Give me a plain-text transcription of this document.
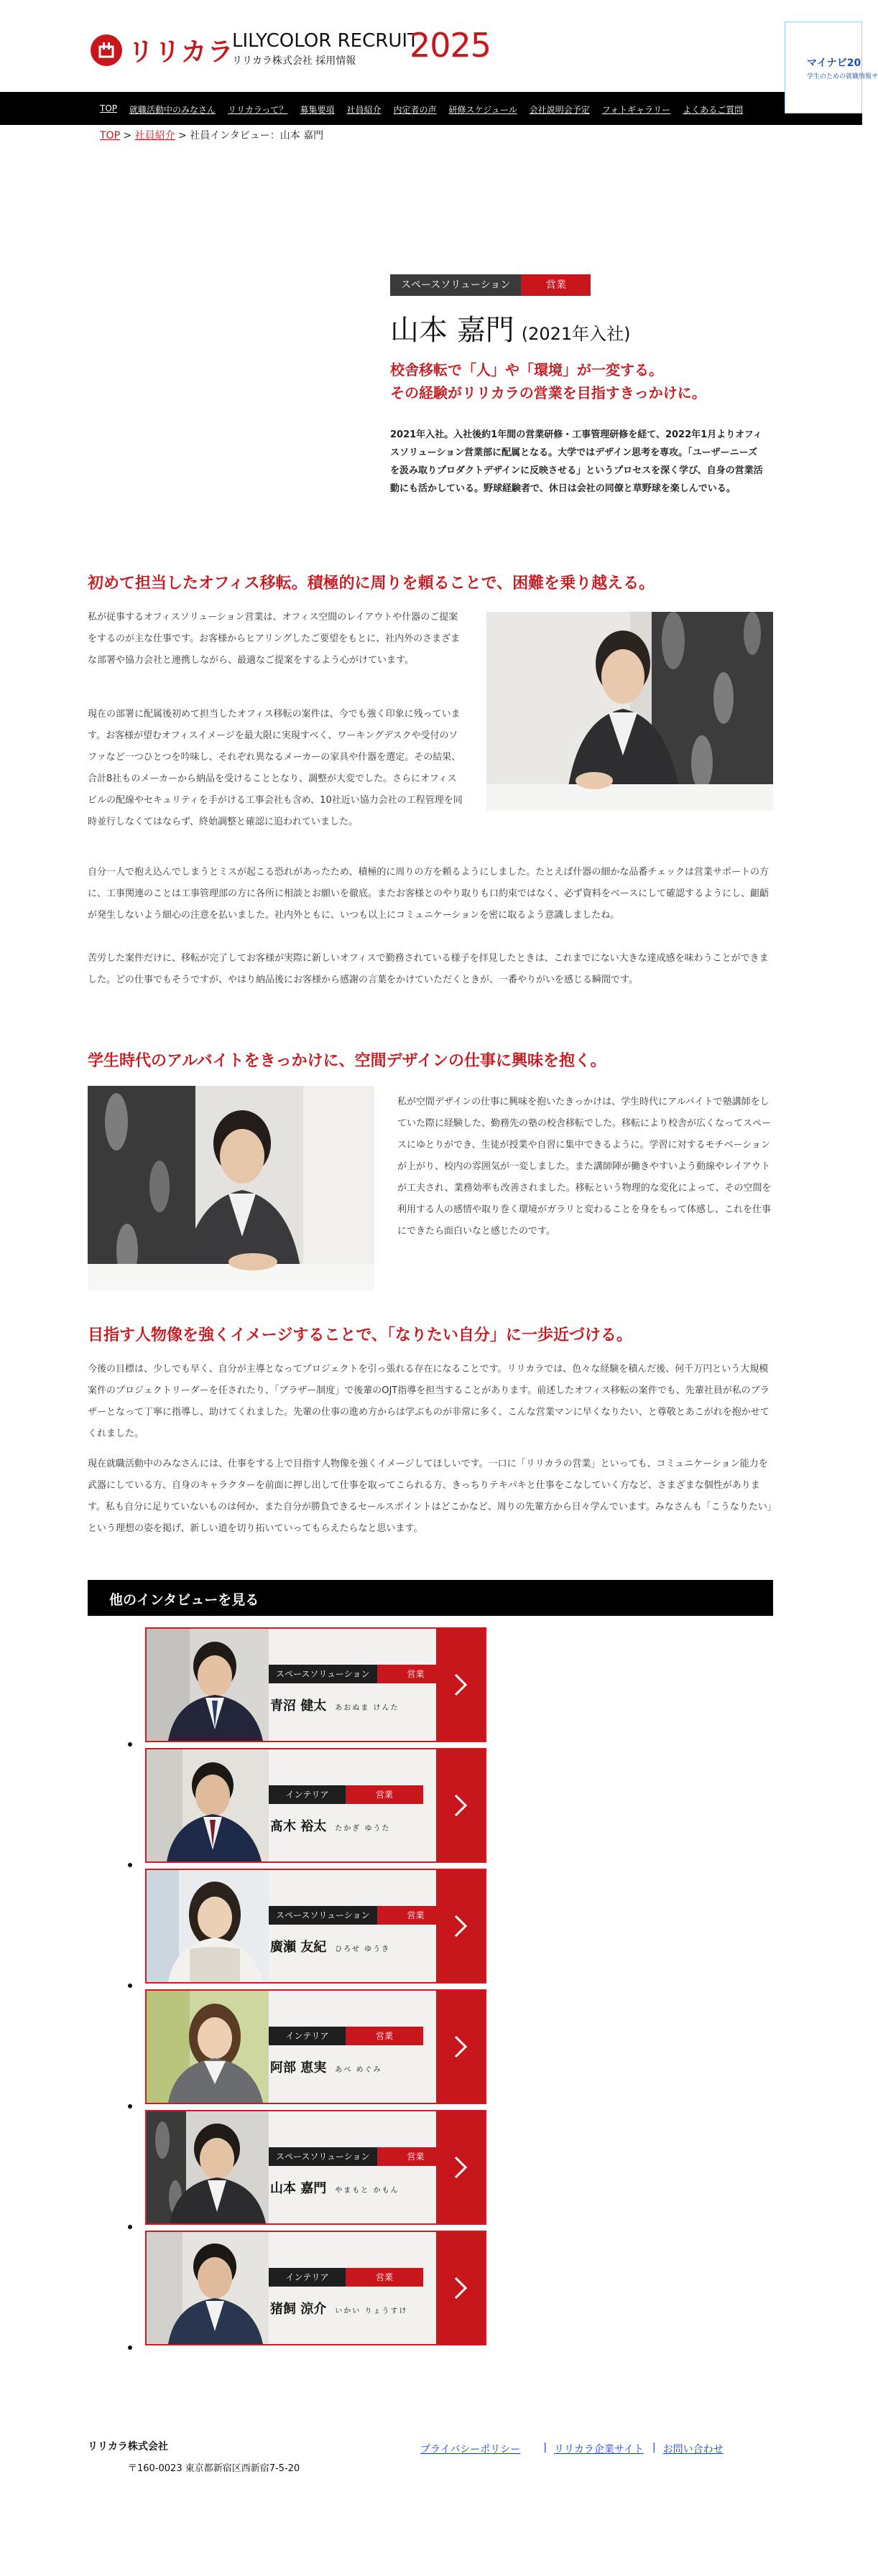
リリカラ
LILYCOLOR RECRUIT
リリカラ株式会社 採用情報	2025	マイナビ20
学生のための就職情報サ
TOP 就職活動中のみなさん リリカラって？ 募集要項 社員紹介 内定者の声 研修スケジュール 会社説明会予定 フォトギャラリー よくあるご質問
TOP > 社員紹介 > 社員インタビュー：山本 嘉門
スペースソリューション	営業
山本 嘉門 (2021年入社)
校舎移転で「人」や「環境」が一変する。
その経験がリリカラの営業を目指すきっかけに。

2021年入社。入社後約1年間の営業研修・工事管理研修を経て、2022年1月よりオフィスソリューション営業部に配属となる。大学ではデザイン思考を専攻。「ユーザーニーズを汲み取りプロダクトデザインに反映させる」というプロセスを深く学び、自身の営業活動にも活かしている。野球経験者で、休日は会社の同僚と草野球を楽しんでいる。

初めて担当したオフィス移転。積極的に周りを頼ることで、困難を乗り越える。

私が従事するオフィスソリューション営業は、オフィス空間のレイアウトや什器のご提案をするのが主な仕事です。お客様からヒアリングしたご要望をもとに、社内外のさまざまな部署や協力会社と連携しながら、最適なご提案をするよう心がけています。

現在の部署に配属後初めて担当したオフィス移転の案件は、今でも強く印象に残っています。お客様が望むオフィスイメージを最大限に実現すべく、ワーキングデスクや受付のソファなど一つひとつを吟味し、それぞれ異なるメーカーの家具や什器を選定。その結果、合計8社ものメーカーから納品を受けることとなり、調整が大変でした。さらにオフィスビルの配線やセキュリティを手がける工事会社も含め、10社近い協力会社の工程管理を同時並行しなくてはならず、終始調整と確認に追われていました。

自分一人で抱え込んでしまうとミスが起こる恐れがあったため、積極的に周りの方を頼るようにしました。たとえば什器の細かな品番チェックは営業サポートの方に、工事関連のことは工事管理部の方に各所に相談とお願いを徹底。またお客様とのやり取りも口約束ではなく、必ず資料をベースにして確認するようにし、齟齬が発生しないよう細心の注意を払いました。社内外ともに、いつも以上にコミュニケーションを密に取るよう意識しましたね。

苦労した案件だけに、移転が完了してお客様が実際に新しいオフィスで勤務されている様子を拝見したときは、これまでにない大きな達成感を味わうことができました。どの仕事でもそうですが、やはり納品後にお客様から感謝の言葉をかけていただくときが、一番やりがいを感じる瞬間です。

学生時代のアルバイトをきっかけに、空間デザインの仕事に興味を抱く。

私が空間デザインの仕事に興味を抱いたきっかけは、学生時代にアルバイトで塾講師をしていた際に経験した、勤務先の塾の校舎移転でした。移転により校舎が広くなってスペースにゆとりができ、生徒が授業や自習に集中できるように。学習に対するモチベーションが上がり、校内の雰囲気が一変しました。また講師陣が働きやすいよう動線やレイアウトが工夫され、業務効率も改善されました。移転という物理的な変化によって、その空間を利用する人の感情や取り巻く環境がガラリと変わることを身をもって体感し、これを仕事にできたら面白いなと感じたのです。

目指す人物像を強くイメージすることで、「なりたい自分」に一歩近づける。

今後の目標は、少しでも早く、自分が主導となってプロジェクトを引っ張れる存在になることです。リリカラでは、色々な経験を積んだ後、何千万円という大規模案件のプロジェクトリーダーを任されたり、「ブラザー制度」で後輩のOJT指導を担当することがあります。前述したオフィス移転の案件でも、先輩社員が私のブラザーとなって丁寧に指導し、助けてくれました。先輩の仕事の進め方からは学ぶものが非常に多く、こんな営業マンに早くなりたい、と尊敬とあこがれを抱かせてくれました。

現在就職活動中のみなさんには、仕事をする上で目指す人物像を強くイメージしてほしいです。一口に「リリカラの営業」といっても、コミュニケーション能力を武器にしている方、自身のキャラクターを前面に押し出して仕事を取ってこられる方、きっちりテキパキと仕事をこなしていく方など、さまざまな個性があります。私も自分に足りていないものは何か、また自分が勝負できるセールスポイントはどこかなど、周りの先輩方から日々学んでいます。みなさんも「こうなりたい」という理想の姿を掲げ、新しい道を切り拓いていってもらえたらなと思います。

他のインタビューを見る
スペースソリューション	営業
青沼 健太 あおぬま けんた
インテリア	営業
髙木 裕太 たかぎ ゆうた
スペースソリューション	営業
廣瀬 友紀 ひろせ ゆうき
インテリア	営業
阿部 恵実 あべ めぐみ
スペースソリューション	営業
山本 嘉門 やまもと かもん
インテリア	営業
猪飼 涼介 いかい りょうすけ
リリカラ株式会社
〒160-0023 東京都新宿区西新宿7-5-20
プライバシーポリシー | リリカラ企業サイト | お問い合わせ
